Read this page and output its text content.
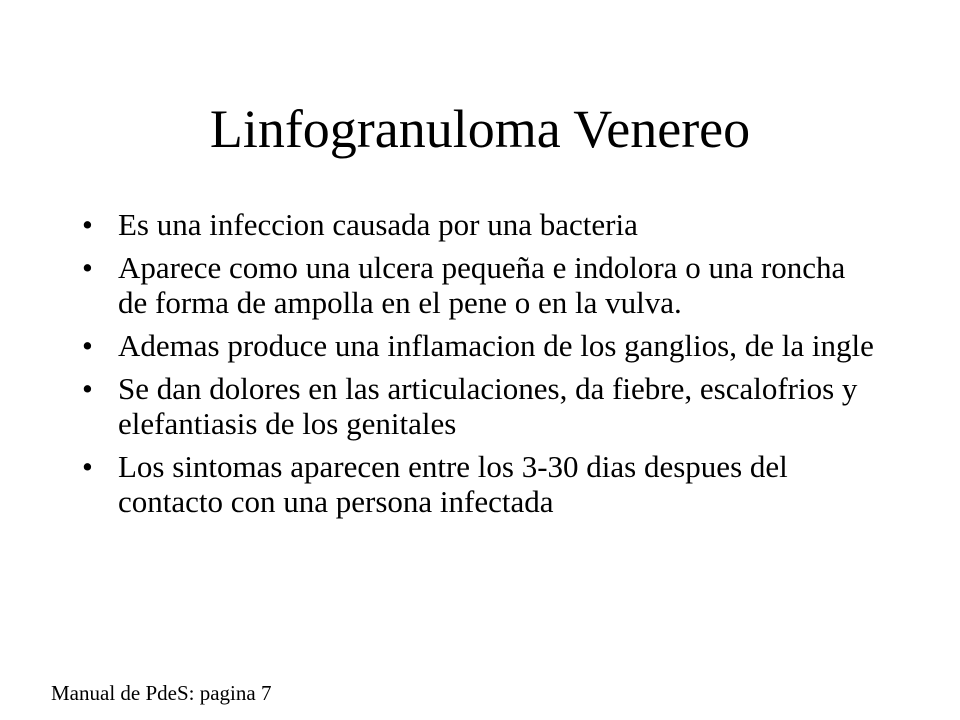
Linfogranuloma Venereo
• Es una infeccion causada por una bacteria
• Aparece como una ulcera pequeña e indolora o una roncha de forma de ampolla en el pene o en la vulva.
• Ademas produce una inflamacion de los ganglios, de la ingle
• Se dan dolores en las articulaciones, da fiebre, escalofrios y elefantiasis de los genitales
• Los sintomas aparecen entre los 3-30 dias despues del contacto con una persona infectada
Manual de PdeS: pagina 7
